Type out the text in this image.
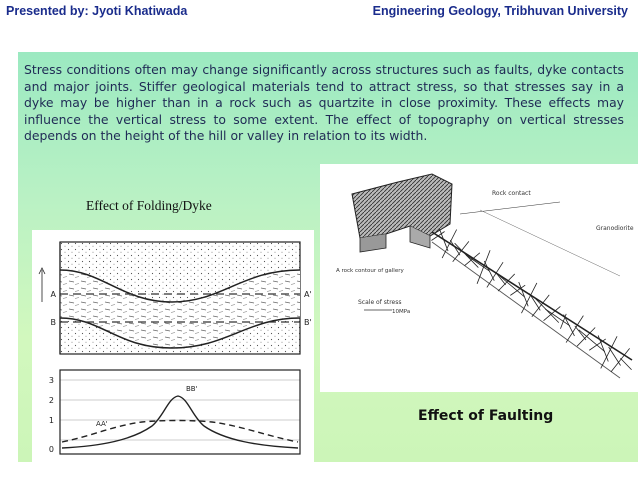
Presented by: Jyoti Khatiwada	Engineering Geology, Tribhuvan University
Stress conditions often may change significantly across structures such as faults, dyke contacts and major joints. Stiffer geological materials tend to attract stress, so that stresses say in a dyke may be higher than in a rock such as quartzite in close proximity. These effects may influence the vertical stress to some extent. The effect of topography on vertical stresses depends on the height of the hill or valley in relation to its width.
Effect of Folding/Dyke
A	A'
B	B'
3
2
1
0
BB'
AA'
Rock contact
Granodiorite
A rock contour of gallery
Scale of stress
10MPa
Effect of Faulting
